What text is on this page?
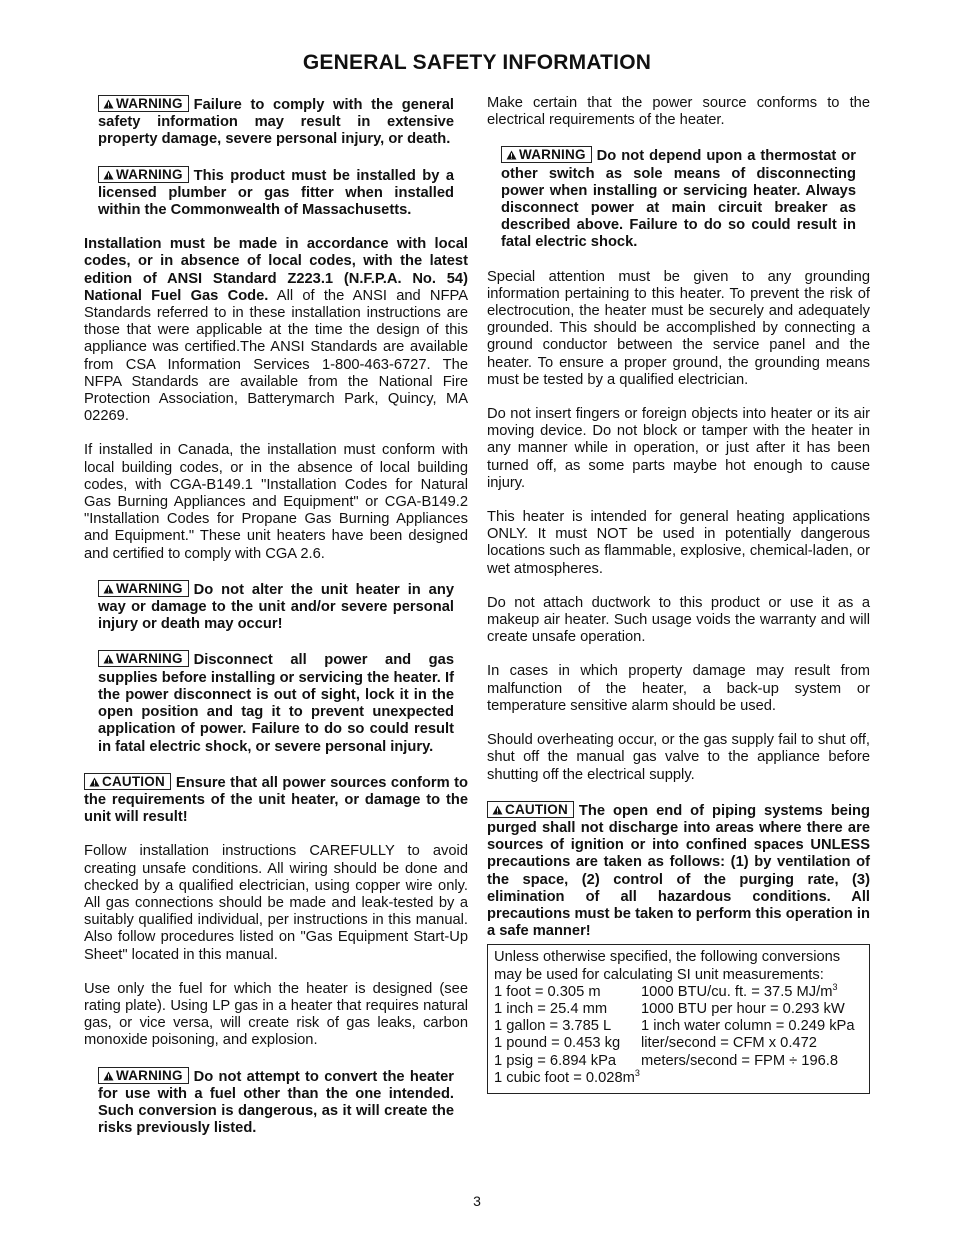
GENERAL SAFETY INFORMATION
WARNING Failure to comply with the general safety information may result in extensive property damage, severe personal injury, or death.
WARNING This product must be installed by a licensed plumber or gas fitter when installed within the Commonwealth of Massachusetts.
Installation must be made in accordance with local codes, or in absence of local codes, with the latest edition of ANSI Standard Z223.1 (N.F.P.A. No. 54) National Fuel Gas Code. All of the ANSI and NFPA Standards referred to in these installation instructions are those that were applicable at the time the design of this appliance was certified.The ANSI Standards are available from CSA Information Services 1-800-463-6727. The NFPA Standards are available from the National Fire Protection Association, Batterymarch Park, Quincy, MA 02269.
If installed in Canada, the installation must conform with local building codes, or in the absence of local building codes, with CGA-B149.1 "Installation Codes for Natural Gas Burning Appliances and Equipment" or CGA-B149.2 "Installation Codes for Propane Gas Burning Appliances and Equipment." These unit heaters have been designed and certified to comply with CGA 2.6.
WARNING Do not alter the unit heater in any way or damage to the unit and/or severe personal injury or death may occur!
WARNING Disconnect all power and gas supplies before installing or servicing the heater. If the power disconnect is out of sight, lock it in the open position and tag it to prevent unexpected application of power. Failure to do so could result in fatal electric shock, or severe personal injury.
CAUTION Ensure that all power sources conform to the requirements of the unit heater, or damage to the unit will result!
Follow installation instructions CAREFULLY to avoid creating unsafe conditions. All wiring should be done and checked by a qualified electrician, using copper wire only. All gas connections should be made and leak-tested by a suitably qualified individual, per instructions in this manual. Also follow procedures listed on "Gas Equipment Start-Up Sheet" located in this manual.
Use only the fuel for which the heater is designed (see rating plate). Using LP gas in a heater that requires natural gas, or vice versa, will create risk of gas leaks, carbon monoxide poisoning, and explosion.
WARNING Do not attempt to convert the heater for use with a fuel other than the one intended. Such conversion is dangerous, as it will create the risks previously listed.
Make certain that the power source conforms to the electrical requirements of the heater.
WARNING Do not depend upon a thermostat or other switch as sole means of disconnecting power when installing or servicing heater. Always disconnect power at main circuit breaker as described above. Failure to do so could result in fatal electric shock.
Special attention must be given to any grounding information pertaining to this heater. To prevent the risk of electrocution, the heater must be securely and adequately grounded. This should be accomplished by connecting a ground conductor between the service panel and the heater. To ensure a proper ground, the grounding means must be tested by a qualified electrician.
Do not insert fingers or foreign objects into heater or its air moving device. Do not block or tamper with the heater in any manner while in operation, or just after it has been turned off, as some parts maybe hot enough to cause injury.
This heater is intended for general heating applications ONLY. It must NOT be used in potentially dangerous locations such as flammable, explosive, chemical-laden, or wet atmospheres.
Do not attach ductwork to this product or use it as a makeup air heater. Such usage voids the warranty and will create unsafe operation.
In cases in which property damage may result from malfunction of the heater, a back-up system or temperature sensitive alarm should be used.
Should overheating occur, or the gas supply fail to shut off, shut off the manual gas valve to the appliance before shutting off the electrical supply.
CAUTION The open end of piping systems being purged shall not discharge into areas where there are sources of ignition or into confined spaces UNLESS precautions are taken as follows: (1) by ventilation of the space, (2) control of the purging rate, (3) elimination of all hazardous conditions. All precautions must be taken to perform this operation in a safe manner!
Unless otherwise specified, the following conversions may be used for calculating SI unit measurements:
1 foot = 0.305 m	1000 BTU/cu. ft. = 37.5 $MJ/m^3$
1 inch = 25.4 mm	1000 BTU per hour = 0.293 kW
1 gallon = 3.785 L	1 inch water column = 0.249 kPa
1 pound = 0.453 kg	liter/second = CFM x 0.472
1 psig = 6.894 kPa	meters/second = FPM ÷ 196.8
1 cubic foot = $0.028m^3$
3
